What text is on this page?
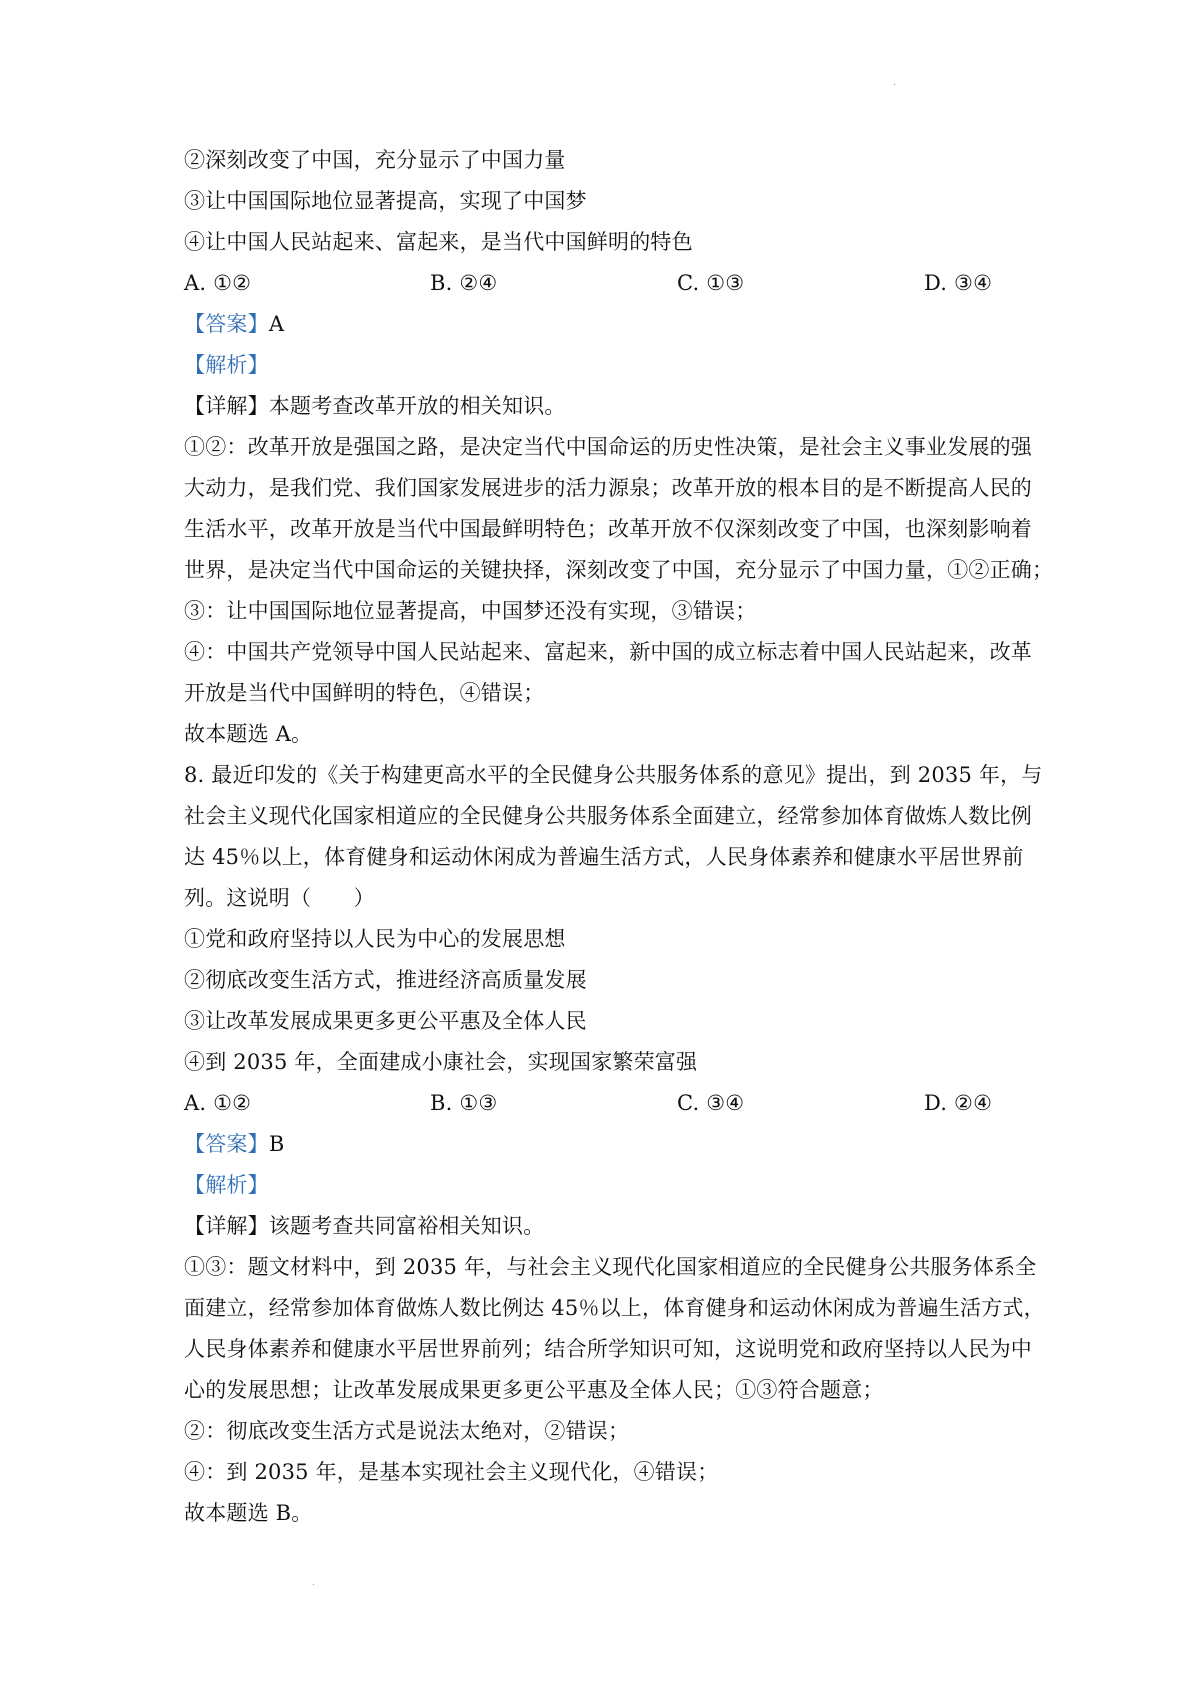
·
②深刻改变了中国，充分显示了中国力量
③让中国国际地位显著提高，实现了中国梦
④让中国人民站起来、富起来，是当代中国鲜明的特色
A. ①②	B. ②④	C. ①③	D. ③④
【答案】A
【解析】
【详解】本题考查改革开放的相关知识。
①②：改革开放是强国之路，是决定当代中国命运的历史性决策，是社会主义事业发展的强
大动力，是我们党、我们国家发展进步的活力源泉；改革开放的根本目的是不断提高人民的
生活水平，改革开放是当代中国最鲜明特色；改革开放不仅深刻改变了中国，也深刻影响着
世界，是决定当代中国命运的关键抉择，深刻改变了中国，充分显示了中国力量，①②正确；
③：让中国国际地位显著提高，中国梦还没有实现，③错误；
④：中国共产党领导中国人民站起来、富起来，新中国的成立标志着中国人民站起来，改革
开放是当代中国鲜明的特色，④错误；
故本题选 A。
8. 最近印发的《关于构建更高水平的全民健身公共服务体系的意见》提出，到 2035 年，与
社会主义现代化国家相道应的全民健身公共服务体系全面建立，经常参加体育做炼人数比例
达 45％以上，体育健身和运动休闲成为普遍生活方式，人民身体素养和健康水平居世界前
列。这说明（　　）
①党和政府坚持以人民为中心的发展思想
②彻底改变生活方式，推进经济高质量发展
③让改革发展成果更多更公平惠及全体人民
④到 2035 年，全面建成小康社会，实现国家繁荣富强
A. ①②	B. ①③	C. ③④	D. ②④
【答案】B
【解析】
【详解】该题考查共同富裕相关知识。
①③：题文材料中，到 2035 年，与社会主义现代化国家相道应的全民健身公共服务体系全
面建立，经常参加体育做炼人数比例达 45％以上，体育健身和运动休闲成为普遍生活方式，
人民身体素养和健康水平居世界前列；结合所学知识可知，这说明党和政府坚持以人民为中
心的发展思想；让改革发展成果更多更公平惠及全体人民；①③符合题意；
②：彻底改变生活方式是说法太绝对，②错误；
④：到 2035 年，是基本实现社会主义现代化，④错误；
故本题选 B。
·
